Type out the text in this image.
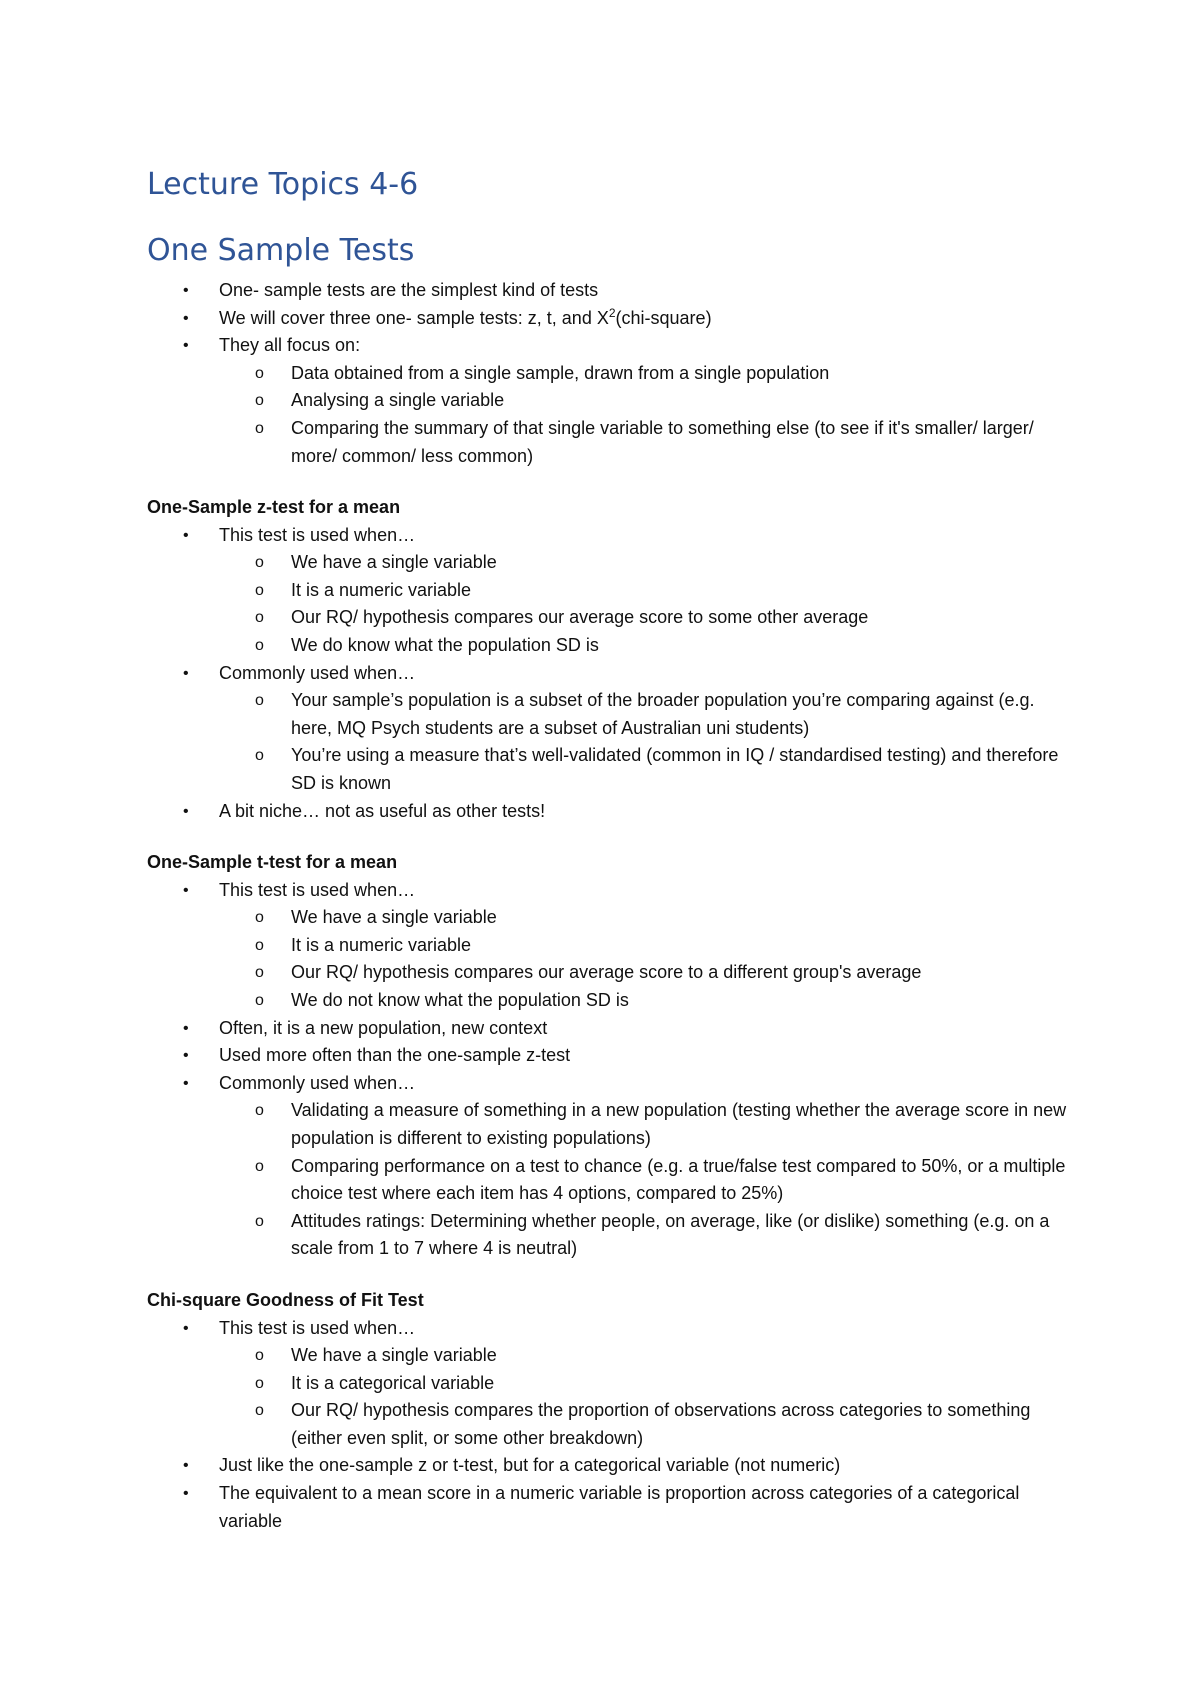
Lecture Topics 4-6
One Sample Tests
• One- sample tests are the simplest kind of tests
• We will cover three one- sample tests: z, t, and $X^2(chi-square)$
• They all focus on:
o Data obtained from a single sample, drawn from a single population
o Analysing a single variable
o Comparing the summary of that single variable to something else (to see if it's smaller/ larger/ more/ common/ less common)
One-Sample z-test for a mean
• This test is used when…
o We have a single variable
o It is a numeric variable
o Our RQ/ hypothesis compares our average score to some other average
o We do know what the population SD is
• Commonly used when…
o Your sample’s population is a subset of the broader population you’re comparing against (e.g. here, MQ Psych students are a subset of Australian uni students)
o You’re using a measure that’s well-validated (common in IQ / standardised testing) and therefore SD is known
• A bit niche… not as useful as other tests!
One-Sample t-test for a mean
• This test is used when…
o We have a single variable
o It is a numeric variable
o Our RQ/ hypothesis compares our average score to a different group's average
o We do not know what the population SD is
• Often, it is a new population, new context
• Used more often than the one-sample z-test
• Commonly used when…
o Validating a measure of something in a new population (testing whether the average score in new population is different to existing populations)
o Comparing performance on a test to chance (e.g. a true/false test compared to 50%, or a multiple choice test where each item has 4 options, compared to 25%)
o Attitudes ratings: Determining whether people, on average, like (or dislike) something (e.g. on a scale from 1 to 7 where 4 is neutral)
Chi-square Goodness of Fit Test
• This test is used when…
o We have a single variable
o It is a categorical variable
o Our RQ/ hypothesis compares the proportion of observations across categories to something (either even split, or some other breakdown)
• Just like the one-sample z or t-test, but for a categorical variable (not numeric)
• The equivalent to a mean score in a numeric variable is proportion across categories of a categorical variable
